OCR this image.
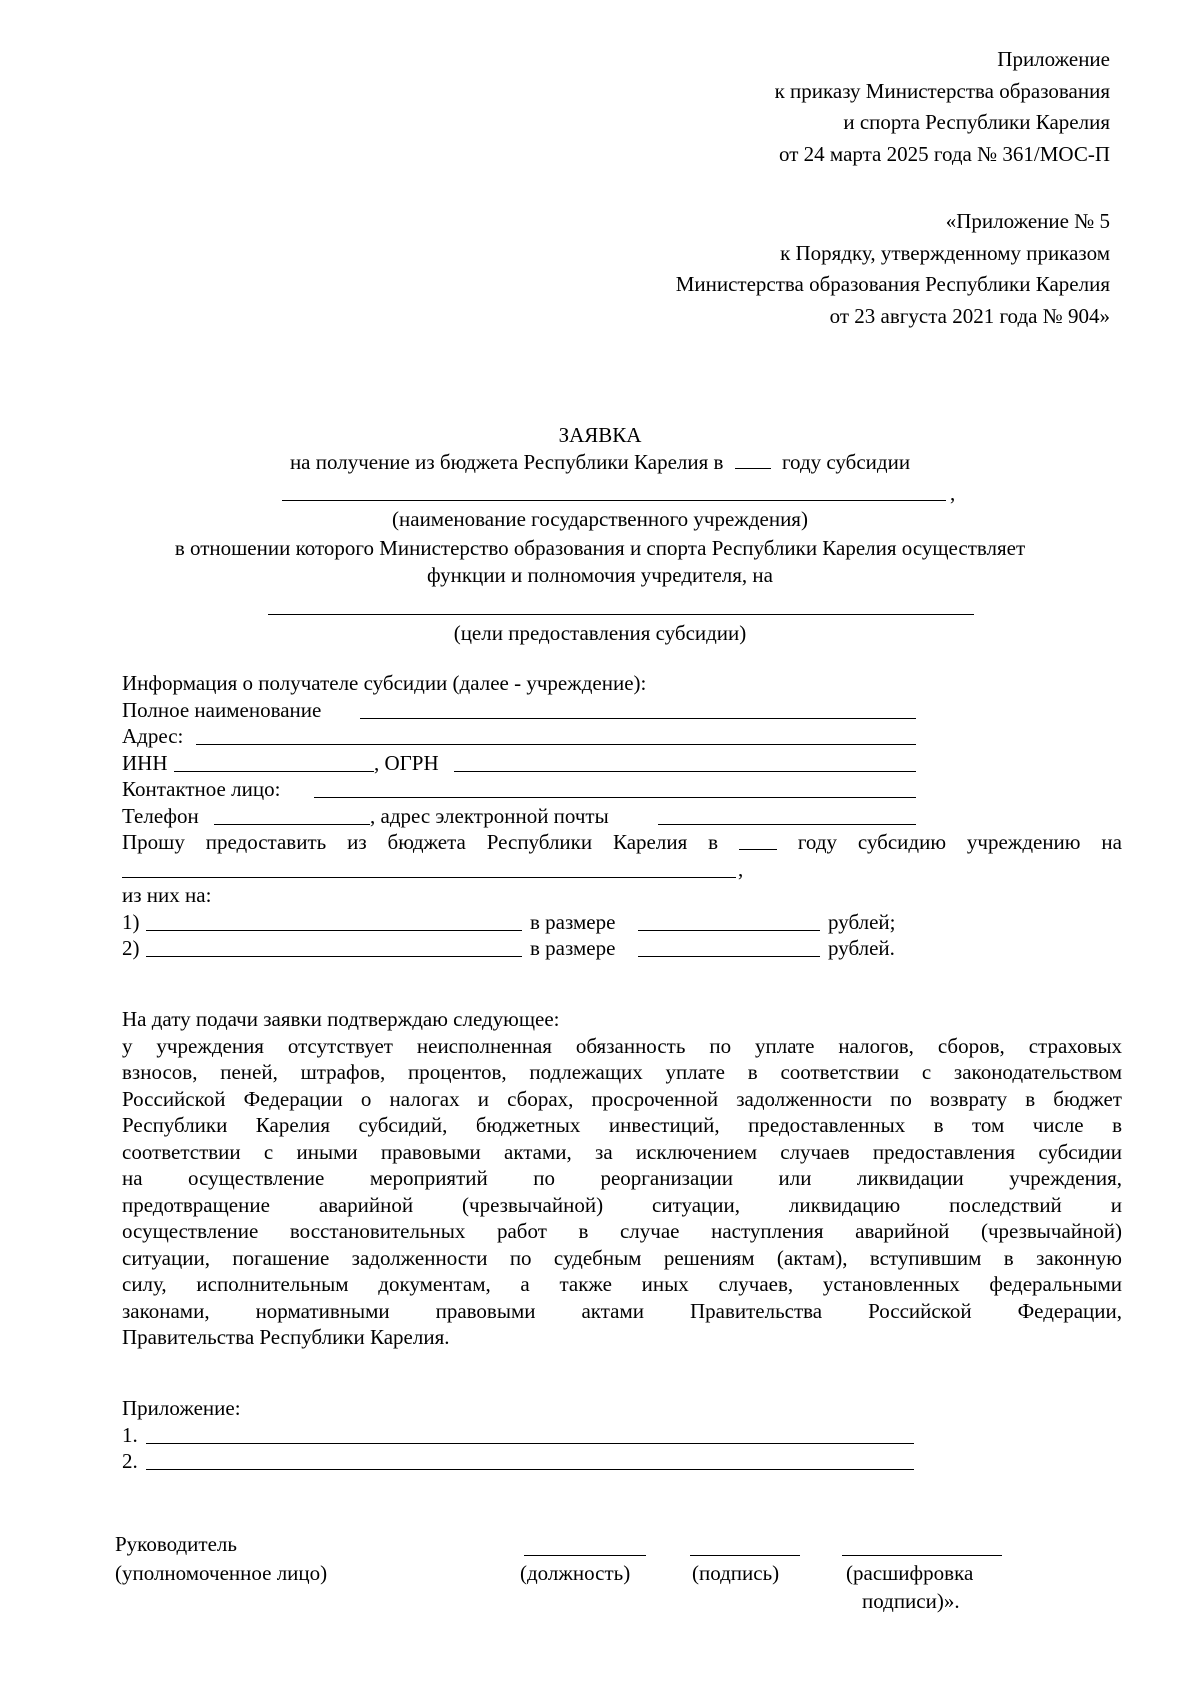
Приложение
к приказу Министерства образования
и спорта Республики Карелия
от 24 марта 2025 года № 361/МОС-П
«Приложение № 5
к Порядку, утвержденному приказом
Министерства образования Республики Карелия
от 23 августа 2021 года № 904»
ЗАЯВКА
на получение из бюджета Республики Карелия в	году субсидии
,
(наименование государственного учреждения)
в отношении которого Министерство образования и спорта Республики Карелия осуществляет
функции и полномочия учредителя, на
(цели предоставления субсидии)
Информация о получателе субсидии (далее - учреждение):
Полное наименование
Адрес:
ИНН	, ОГРН
Контактное лицо:
Телефон	, адрес электронной почты
Прошу предоставить из бюджета Республики Карелия в	году субсидию учреждению на
,
из них на:
1)	в размере	рублей;
2)	в размере	рублей.
На дату подачи заявки подтверждаю следующее:
у учреждения отсутствует неисполненная обязанность по уплате налогов, сборов, страховых
взносов, пеней, штрафов, процентов, подлежащих уплате в соответствии с законодательством
Российской Федерации о налогах и сборах, просроченной задолженности по возврату в бюджет
Республики Карелия субсидий, бюджетных инвестиций, предоставленных в том числе в
соответствии с иными правовыми актами, за исключением случаев предоставления субсидии
на осуществление мероприятий по реорганизации или ликвидации учреждения,
предотвращение аварийной (чрезвычайной) ситуации, ликвидацию последствий и
осуществление восстановительных работ в случае наступления аварийной (чрезвычайной)
ситуации, погашение задолженности по судебным решениям (актам), вступившим в законную
силу, исполнительным документам, а также иных случаев, установленных федеральными
законами, нормативными правовыми актами Правительства Российской Федерации,
Правительства Республики Карелия.
Приложение:
1.
2.
Руководитель
(уполномоченное лицо)	(должность)	(подпись)	(расшифровка
подписи)».
